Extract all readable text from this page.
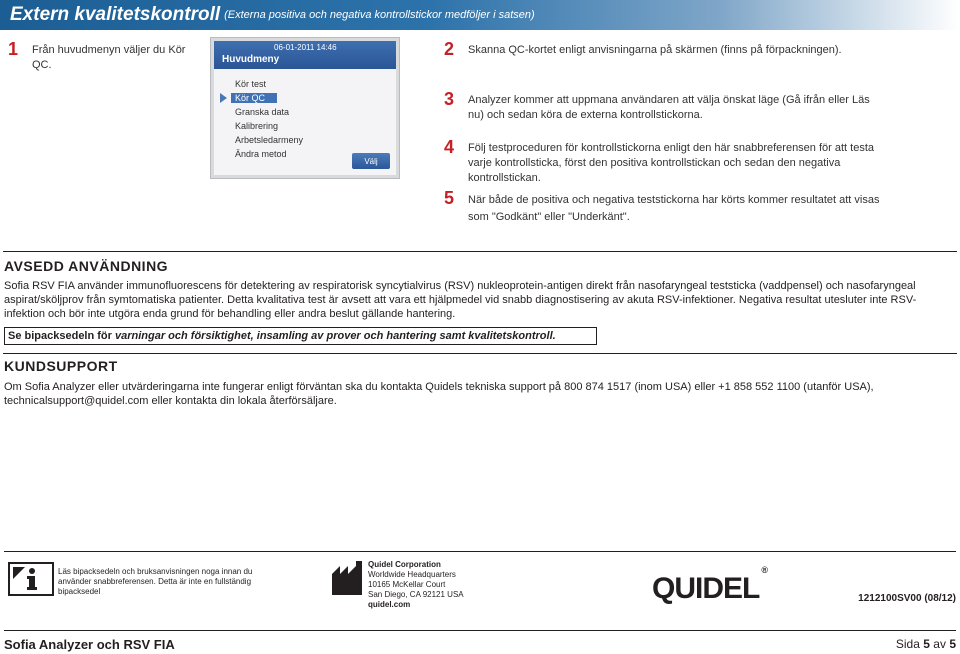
Extern kvalitetskontroll (Externa positiva och negativa kontrollstickor medföljer i satsen)
1	Från huvudmenyn väljer du Kör QC.
06-01-2011 14:46
Huvudmeny
Kör test
Kör QC
Granska data
Kalibrering
Arbetsledarmeny
Ändra metod
Välj
2	Skanna QC-kortet enligt anvisningarna på skärmen (finns på förpackningen).
3	Analyzer kommer att uppmana användaren att välja önskat läge (Gå ifrån eller Läs nu) och sedan köra de externa kontrollstickorna.
4	Följ testproceduren för kontrollstickorna enligt den här snabbreferensen för att testa varje kontrollsticka, först den positiva kontrollstickan och sedan den negativa kontrollstickan.
5	När både de positiva och negativa teststickorna har körts kommer resultatet att visas som "Godkänt" eller "Underkänt".
AVSEDD ANVÄNDNING
Sofia RSV FIA använder immunofluorescens för detektering av respiratorisk syncytialvirus (RSV) nukleoprotein-antigen direkt från nasofaryngeal teststicka (vaddpensel) och nasofaryngeal aspirat/sköljprov från symtomatiska patienter. Detta kvalitativa test är avsett att vara ett hjälpmedel vid snabb diagnostisering av akuta RSV-infektioner. Negativa resultat utesluter inte RSV-infektion och bör inte utgöra enda grund för behandling eller andra beslut gällande hantering.
Se bipacksedeln för varningar och försiktighet, insamling av prover och hantering samt kvalitetskontroll.
KUNDSUPPORT
Om Sofia Analyzer eller utvärderingarna inte fungerar enligt förväntan ska du kontakta Quidels tekniska support på 800 874 1517 (inom USA) eller +1 858 552 1100 (utanför USA), technicalsupport@quidel.com eller kontakta din lokala återförsäljare.
Läs bipacksedeln och bruksanvisningen noga innan du använder snabbreferensen. Detta är inte en fullständig bipacksedel
Quidel Corporation
Worldwide Headquarters
10165 McKellar Court
San Diego, CA 92121 USA
quidel.com	QUIDEL®
1212100SV00 (08/12)
Sofia Analyzer och RSV FIA	Sida 5 av 5
